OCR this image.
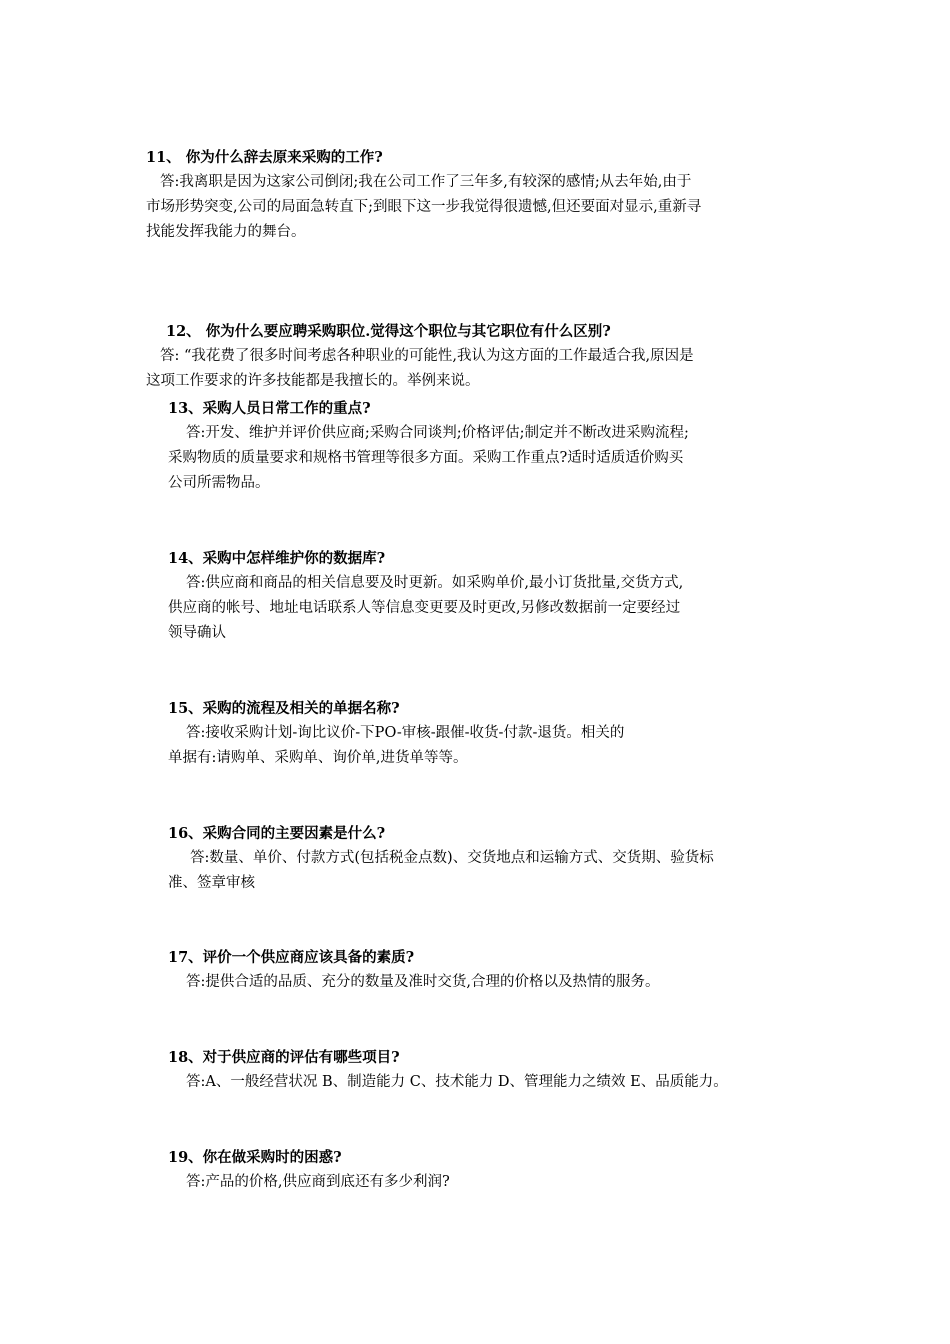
11、 你为什么辞去原来采购的工作?
答:我离职是因为这家公司倒闭;我在公司工作了三年多,有较深的感情;从去年始,由于
市场形势突变,公司的局面急转直下;到眼下这一步我觉得很遗憾,但还要面对显示,重新寻
找能发挥我能力的舞台。
12、 你为什么要应聘采购职位.觉得这个职位与其它职位有什么区别?
答: “我花费了很多时间考虑各种职业的可能性,我认为这方面的工作最适合我,原因是
这项工作要求的许多技能都是我擅长的。举例来说。
13、采购人员日常工作的重点?
答:开发、维护并评价供应商;采购合同谈判;价格评估;制定并不断改进采购流程;
采购物质的质量要求和规格书管理等很多方面。采购工作重点?适时适质适价购买
公司所需物品。
14、采购中怎样维护你的数据库?
答:供应商和商品的相关信息要及时更新。如采购单价,最小订货批量,交货方式,
供应商的帐号、地址电话联系人等信息变更要及时更改,另修改数据前一定要经过
领导确认
15、采购的流程及相关的单据名称?
答:接收采购计划-询比议价-下PO-审核-跟催-收货-付款-退货。相关的
单据有:请购单、采购单、询价单,进货单等等。
16、采购合同的主要因素是什么?
答:数量、单价、付款方式(包括税金点数)、交货地点和运输方式、交货期、验货标
准、签章审核
17、评价一个供应商应该具备的素质?
答:提供合适的品质、充分的数量及准时交货,合理的价格以及热情的服务。
18、对于供应商的评估有哪些项目?
答:A、一般经营状况 B、制造能力 C、技术能力 D、管理能力之绩效 E、品质能力。
19、你在做采购时的困惑?
答:产品的价格,供应商到底还有多少利润?
